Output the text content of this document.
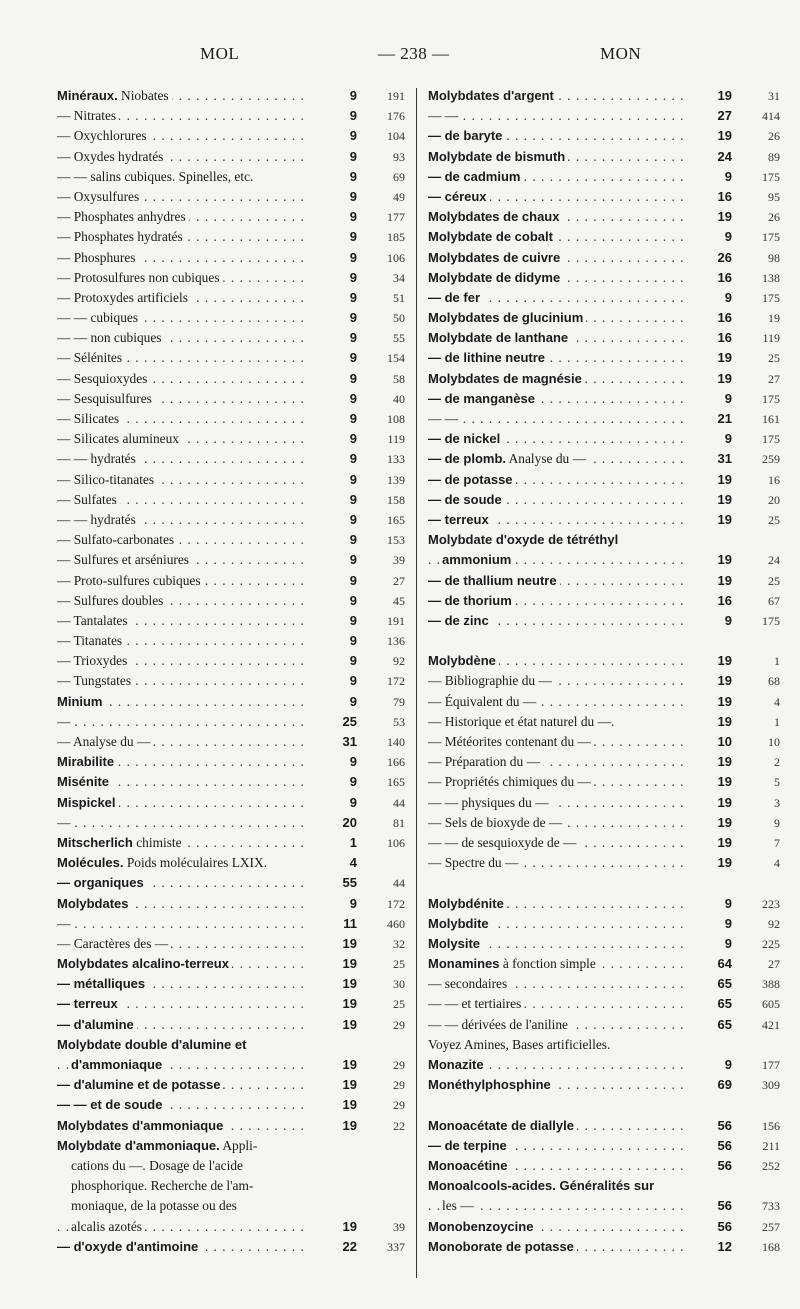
MOL	— 238 —	MON
Minéraux. Niobates . . .	9	191
— Nitrates . . .	9	176
— Oxychlorures . . .	9	104
— Oxydes hydratés . . .	9	93
— — salins cubiques. Spinelles, etc.	9	69
— Oxysulfures . . .	9	49
— Phosphates anhydres . . .	9	177
— Phosphates hydratés . . .	9	185
— Phosphures . . .	9	106
— Protosulfures non cubiques . . .	9	34
— Protoxydes artificiels . . .	9	51
— — cubiques . . .	9	50
— — non cubiques . . .	9	55
— Sélénites . . .	9	154
— Sesquioxydes . . .	9	58
— Sesquisulfures . . .	9	40
— Silicates . . .	9	108
— Silicates alumineux . . .	9	119
— — hydratés . . .	9	133
— Silico-titanates . . .	9	139
— Sulfates . . .	9	158
— — hydratés . . .	9	165
— Sulfato-carbonates . . .	9	153
— Sulfures et arséniures . . .	9	39
— Proto-sulfures cubiques . . .	9	27
— Sulfures doubles . . .	9	45
— Tantalates . . .	9	191
— Titanates . . .	9	136
— Trioxydes . . .	9	92
— Tungstates . . .	9	172
Minium . . .	9	79
— . . .	25	53
— Analyse du — . . .	31	140
Mirabilite . . .	9	166
Misénite . . .	9	165
Mispickel . . .	9	44
— . . .	20	81
Mitscherlich chimiste . . .	1	106
Molécules. Poids moléculaires LXIX.	4
— organiques . . .	55	44
Molybdates . . .	9	172
— . . .	11	460
— Caractères des — . . .	19	32
Molybdates alcalino-terreux . . .	19	25
— métalliques . . .	19	30
— terreux . . .	19	25
— d'alumine . . .	19	29
Molybdate double d'alumine et
d'ammoniaque . . .	19	29
— d'alumine et de potasse . . .	19	29
— — et de soude . . .	19	29
Molybdates d'ammoniaque . . .	19	22
Molybdate d'ammoniaque. Appli-
cations du —. Dosage de l'acide
phosphorique. Recherche de l'am-
moniaque, de la potasse ou des
alcalis azotés . . .	19	39
— d'oxyde d'antimoine . . .	22	337
Molybdates d'argent . . .	19	31
— — . . .	27	414
— de baryte . . .	19	26
Molybdate de bismuth . . .	24	89
— de cadmium . . .	9	175
— céreux . . .	16	95
Molybdates de chaux . . .	19	26
Molybdate de cobalt . . .	9	175
Molybdates de cuivre . . .	26	98
Molybdate de didyme . . .	16	138
— de fer . . .	9	175
Molybdates de glucinium . . .	16	19
Molybdate de lanthane . . .	16	119
— de lithine neutre . . .	19	25
Molybdates de magnésie . . .	19	27
— de manganèse . . .	9	175
— — . . .	21	161
— de nickel . . .	9	175
— de plomb. Analyse du — . . .	31	259
— de potasse . . .	19	16
— de soude . . .	19	20
— terreux . . .	19	25
Molybdate d'oxyde de tétréthyl
ammonium . . .	19	24
— de thallium neutre . . .	19	25
— de thorium . . .	16	67
— de zinc . . .	9	175
Molybdène . . .	19	1
— Bibliographie du — . . .	19	68
— Équivalent du — . . .	19	4
— Historique et état naturel du —.	19	1
— Météorites contenant du — . . .	10	10
— Préparation du — . . .	19	2
— Propriétés chimiques du — . . .	19	5
— — physiques du — . . .	19	3
— Sels de bioxyde de — . . .	19	9
— — de sesquioxyde de — . . .	19	7
— Spectre du — . . .	19	4
Molybdénite . . .	9	223
Molybdite . . .	9	92
Molysite . . .	9	225
Monamines à fonction simple . . .	64	27
— secondaires . . .	65	388
— — et tertiaires . . .	65	605
— — dérivées de l'aniline . . .	65	421
Voyez Amines, Bases artificielles.
Monazite . . .	9	177
Monéthylphosphine . . .	69	309
Monoacétate de diallyle . . .	56	156
— de terpine . . .	56	211
Monoacétine . . .	56	252
Monoalcools-acides. Généralités sur
les — . . .	56	733
Monobenzoycine . . .	56	257
Monoborate de potasse . . .	12	168
